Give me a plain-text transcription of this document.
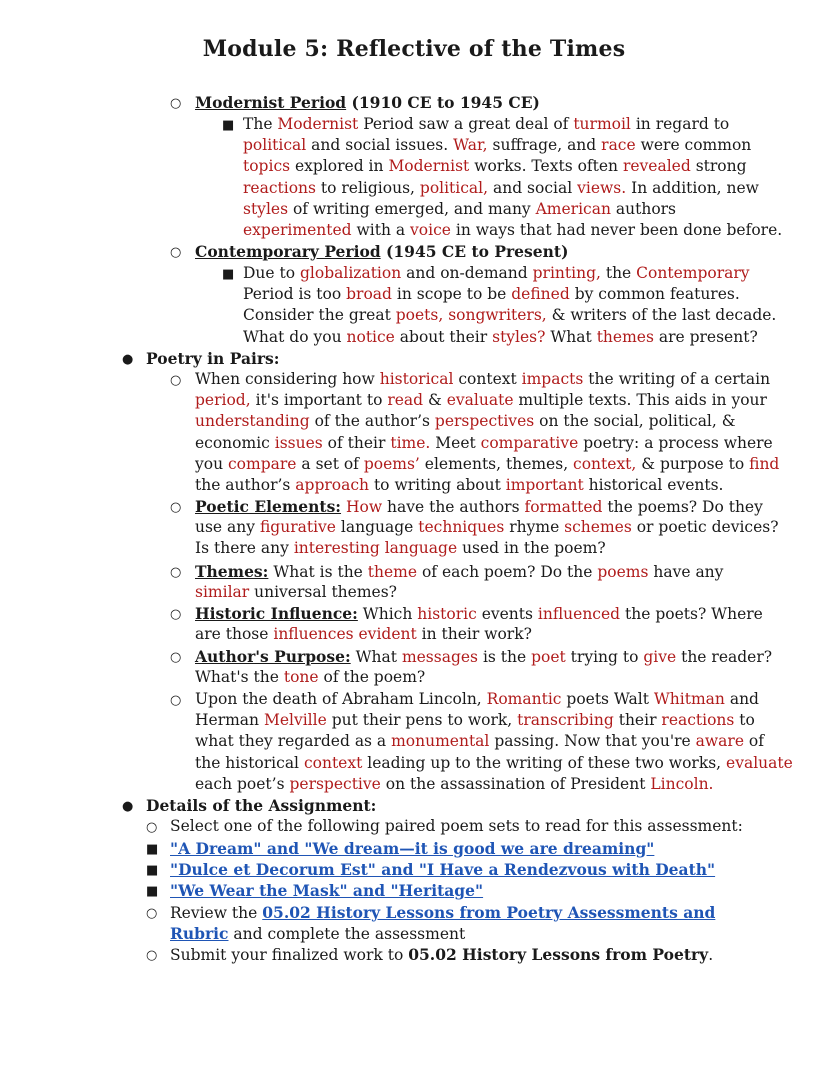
Module 5: Reflective of the Times
○ Modernist Period (1910 CE to 1945 CE)
■ The Modernist Period saw a great deal of turmoil in regard to
political and social issues. War, suffrage, and race were common
topics explored in Modernist works. Texts often revealed strong
reactions to religious, political, and social views. In addition, new
styles of writing emerged, and many American authors
experimented with a voice in ways that had never been done before.
○ Contemporary Period (1945 CE to Present)
■ Due to globalization and on-demand printing, the Contemporary
Period is too broad in scope to be defined by common features.
Consider the great poets, songwriters, & writers of the last decade.
What do you notice about their styles? What themes are present?
● Poetry in Pairs:
○ When considering how historical context impacts the writing of a certain
period, it's important to read & evaluate multiple texts. This aids in your
understanding of the author’s perspectives on the social, political, &
economic issues of their time. Meet comparative poetry: a process where
you compare a set of poems’ elements, themes, context, & purpose to find
the author’s approach to writing about important historical events.
○ Poetic Elements: How have the authors formatted the poems? Do they
use any figurative language techniques rhyme schemes or poetic devices?
Is there any interesting language used in the poem?
○ Themes: What is the theme of each poem? Do the poems have any
similar universal themes?
○ Historic Influence: Which historic events influenced the poets? Where
are those influences evident in their work?
○ Author's Purpose: What messages is the poet trying to give the reader?
What's the tone of the poem?
○ Upon the death of Abraham Lincoln, Romantic poets Walt Whitman and
Herman Melville put their pens to work, transcribing their reactions to
what they regarded as a monumental passing. Now that you're aware of
the historical context leading up to the writing of these two works, evaluate
each poet’s perspective on the assassination of President Lincoln.
● Details of the Assignment:
○ Select one of the following paired poem sets to read for this assessment:
■ "A Dream" and "We dream—it is good we are dreaming"
■ "Dulce et Decorum Est" and "I Have a Rendezvous with Death"
■ "We Wear the Mask" and "Heritage"
○ Review the 05.02 History Lessons from Poetry Assessments and
Rubric and complete the assessment
○ Submit your finalized work to 05.02 History Lessons from Poetry.
